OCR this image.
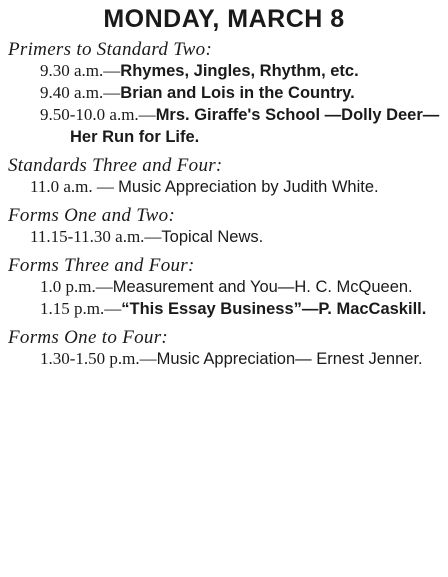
MONDAY, MARCH 8

Primers to Standard Two:

9.30 a.m.—Rhymes, Jingles, Rhythm, etc.

9.40 a.m.—Brian and Lois in the Country.

9.50-10.0 a.m.—Mrs. Giraffe's School —Dolly Deer—Her Run for Life.

Standards Three and Four:

11.0 a.m. — Music Appreciation by Judith White.

Forms One and Two:

11.15-11.30 a.m.—Topical News.

Forms Three and Four:

1.0 p.m.—Measurement and You—H. C. McQueen.

1.15 p.m.—“This Essay Business”—P. MacCaskill.

Forms One to Four:

1.30-1.50 p.m.—Music Appreciation— Ernest Jenner.
